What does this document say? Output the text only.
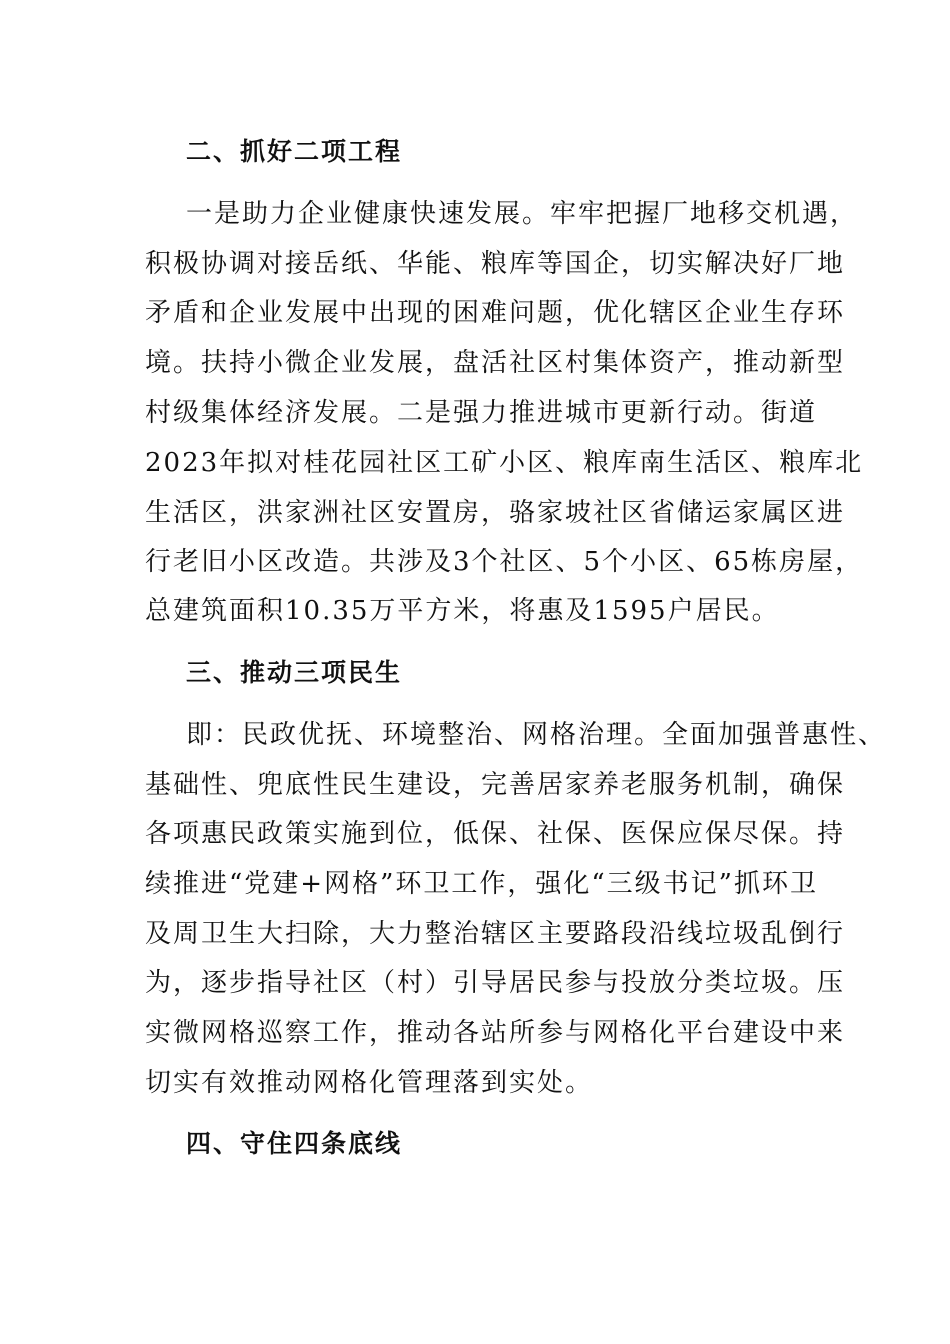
二、抓好二项工程
一是助力企业健康快速发展。牢牢把握厂地移交机遇，
积极协调对接岳纸、华能、粮库等国企，切实解决好厂地
矛盾和企业发展中出现的困难问题，优化辖区企业生存环
境。扶持小微企业发展，盘活社区村集体资产，推动新型
村级集体经济发展。二是强力推进城市更新行动。街道
2023年拟对桂花园社区工矿小区、粮库南生活区、粮库北
生活区，洪家洲社区安置房，骆家坡社区省储运家属区进
行老旧小区改造。共涉及3个社区、5个小区、65栋房屋，
总建筑面积10.35万平方米，将惠及1595户居民。
三、推动三项民生
即：民政优抚、环境整治、网格治理。全面加强普惠性、
基础性、兜底性民生建设，完善居家养老服务机制，确保
各项惠民政策实施到位，低保、社保、医保应保尽保。持
续推进“党建+网格”环卫工作，强化“三级书记”抓环卫
及周卫生大扫除，大力整治辖区主要路段沿线垃圾乱倒行
为，逐步指导社区（村）引导居民参与投放分类垃圾。压
实微网格巡察工作，推动各站所参与网格化平台建设中来
切实有效推动网格化管理落到实处。
四、守住四条底线
